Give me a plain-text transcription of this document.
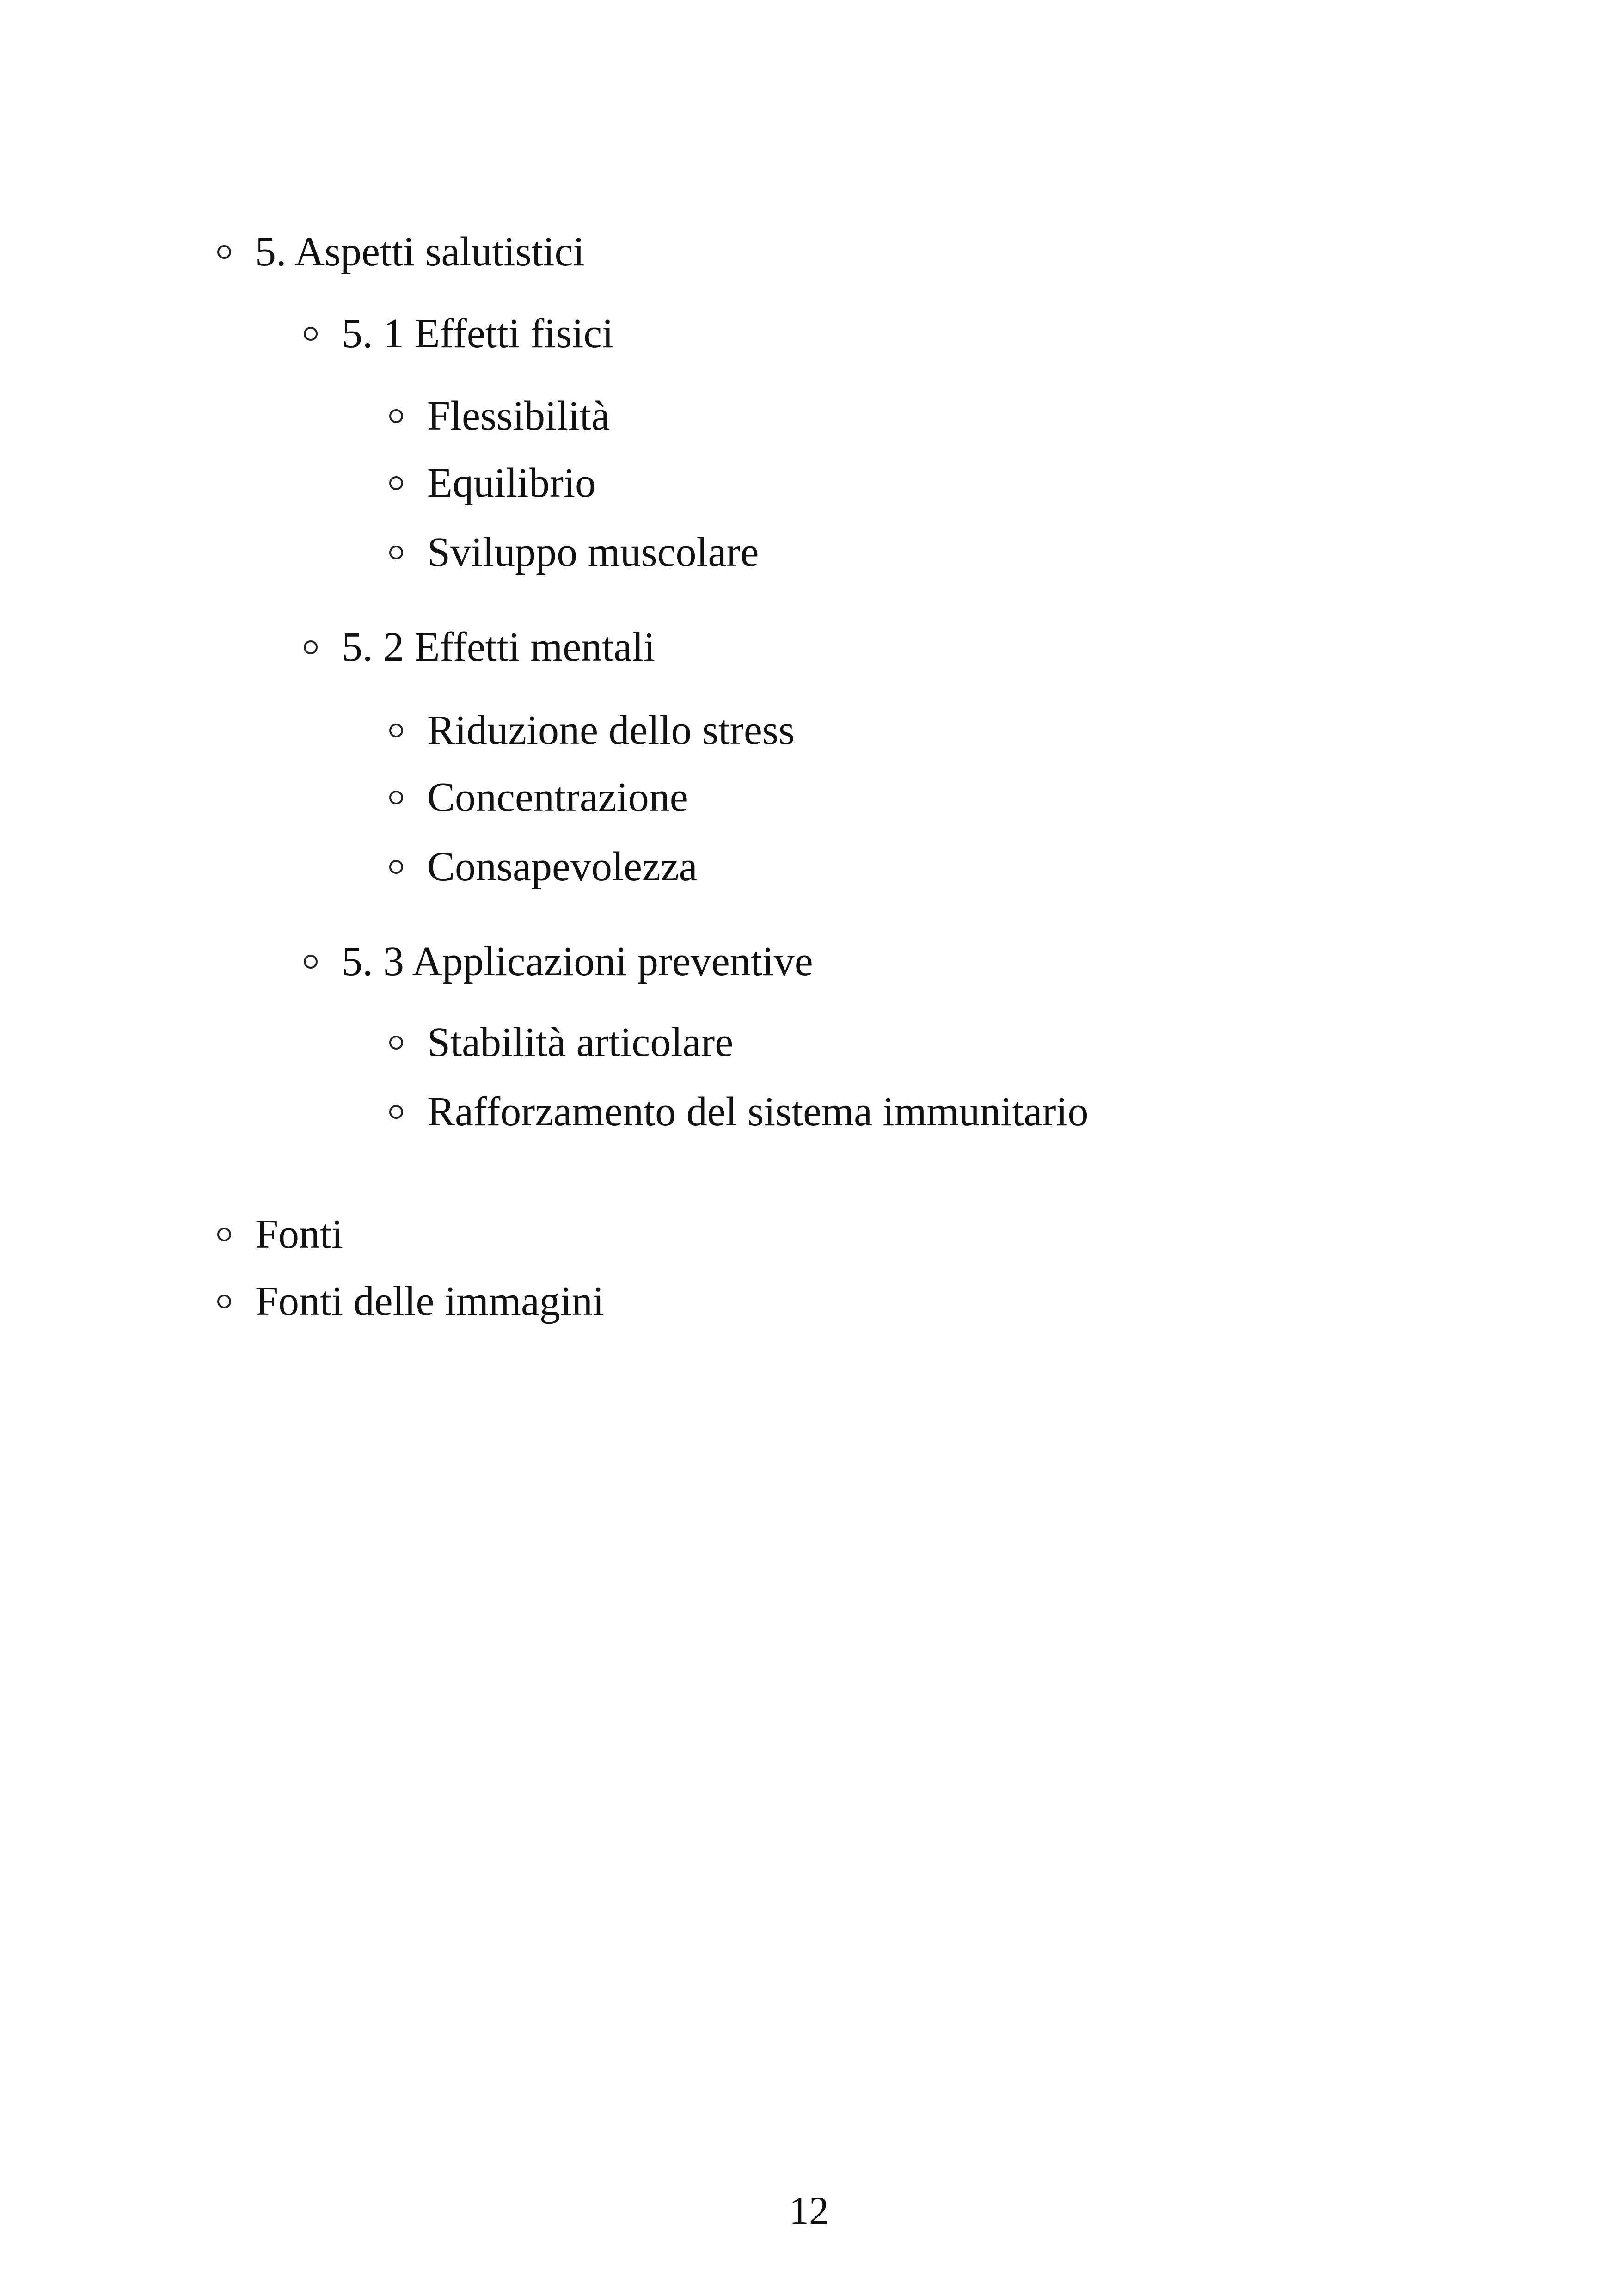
5. Aspetti salutistici
5. 1 Effetti fisici
Flessibilità
Equilibrio
Sviluppo muscolare
5. 2 Effetti mentali
Riduzione dello stress
Concentrazione
Consapevolezza
5. 3 Applicazioni preventive
Stabilità articolare
Rafforzamento del sistema immunitario
Fonti
Fonti delle immagini
12
